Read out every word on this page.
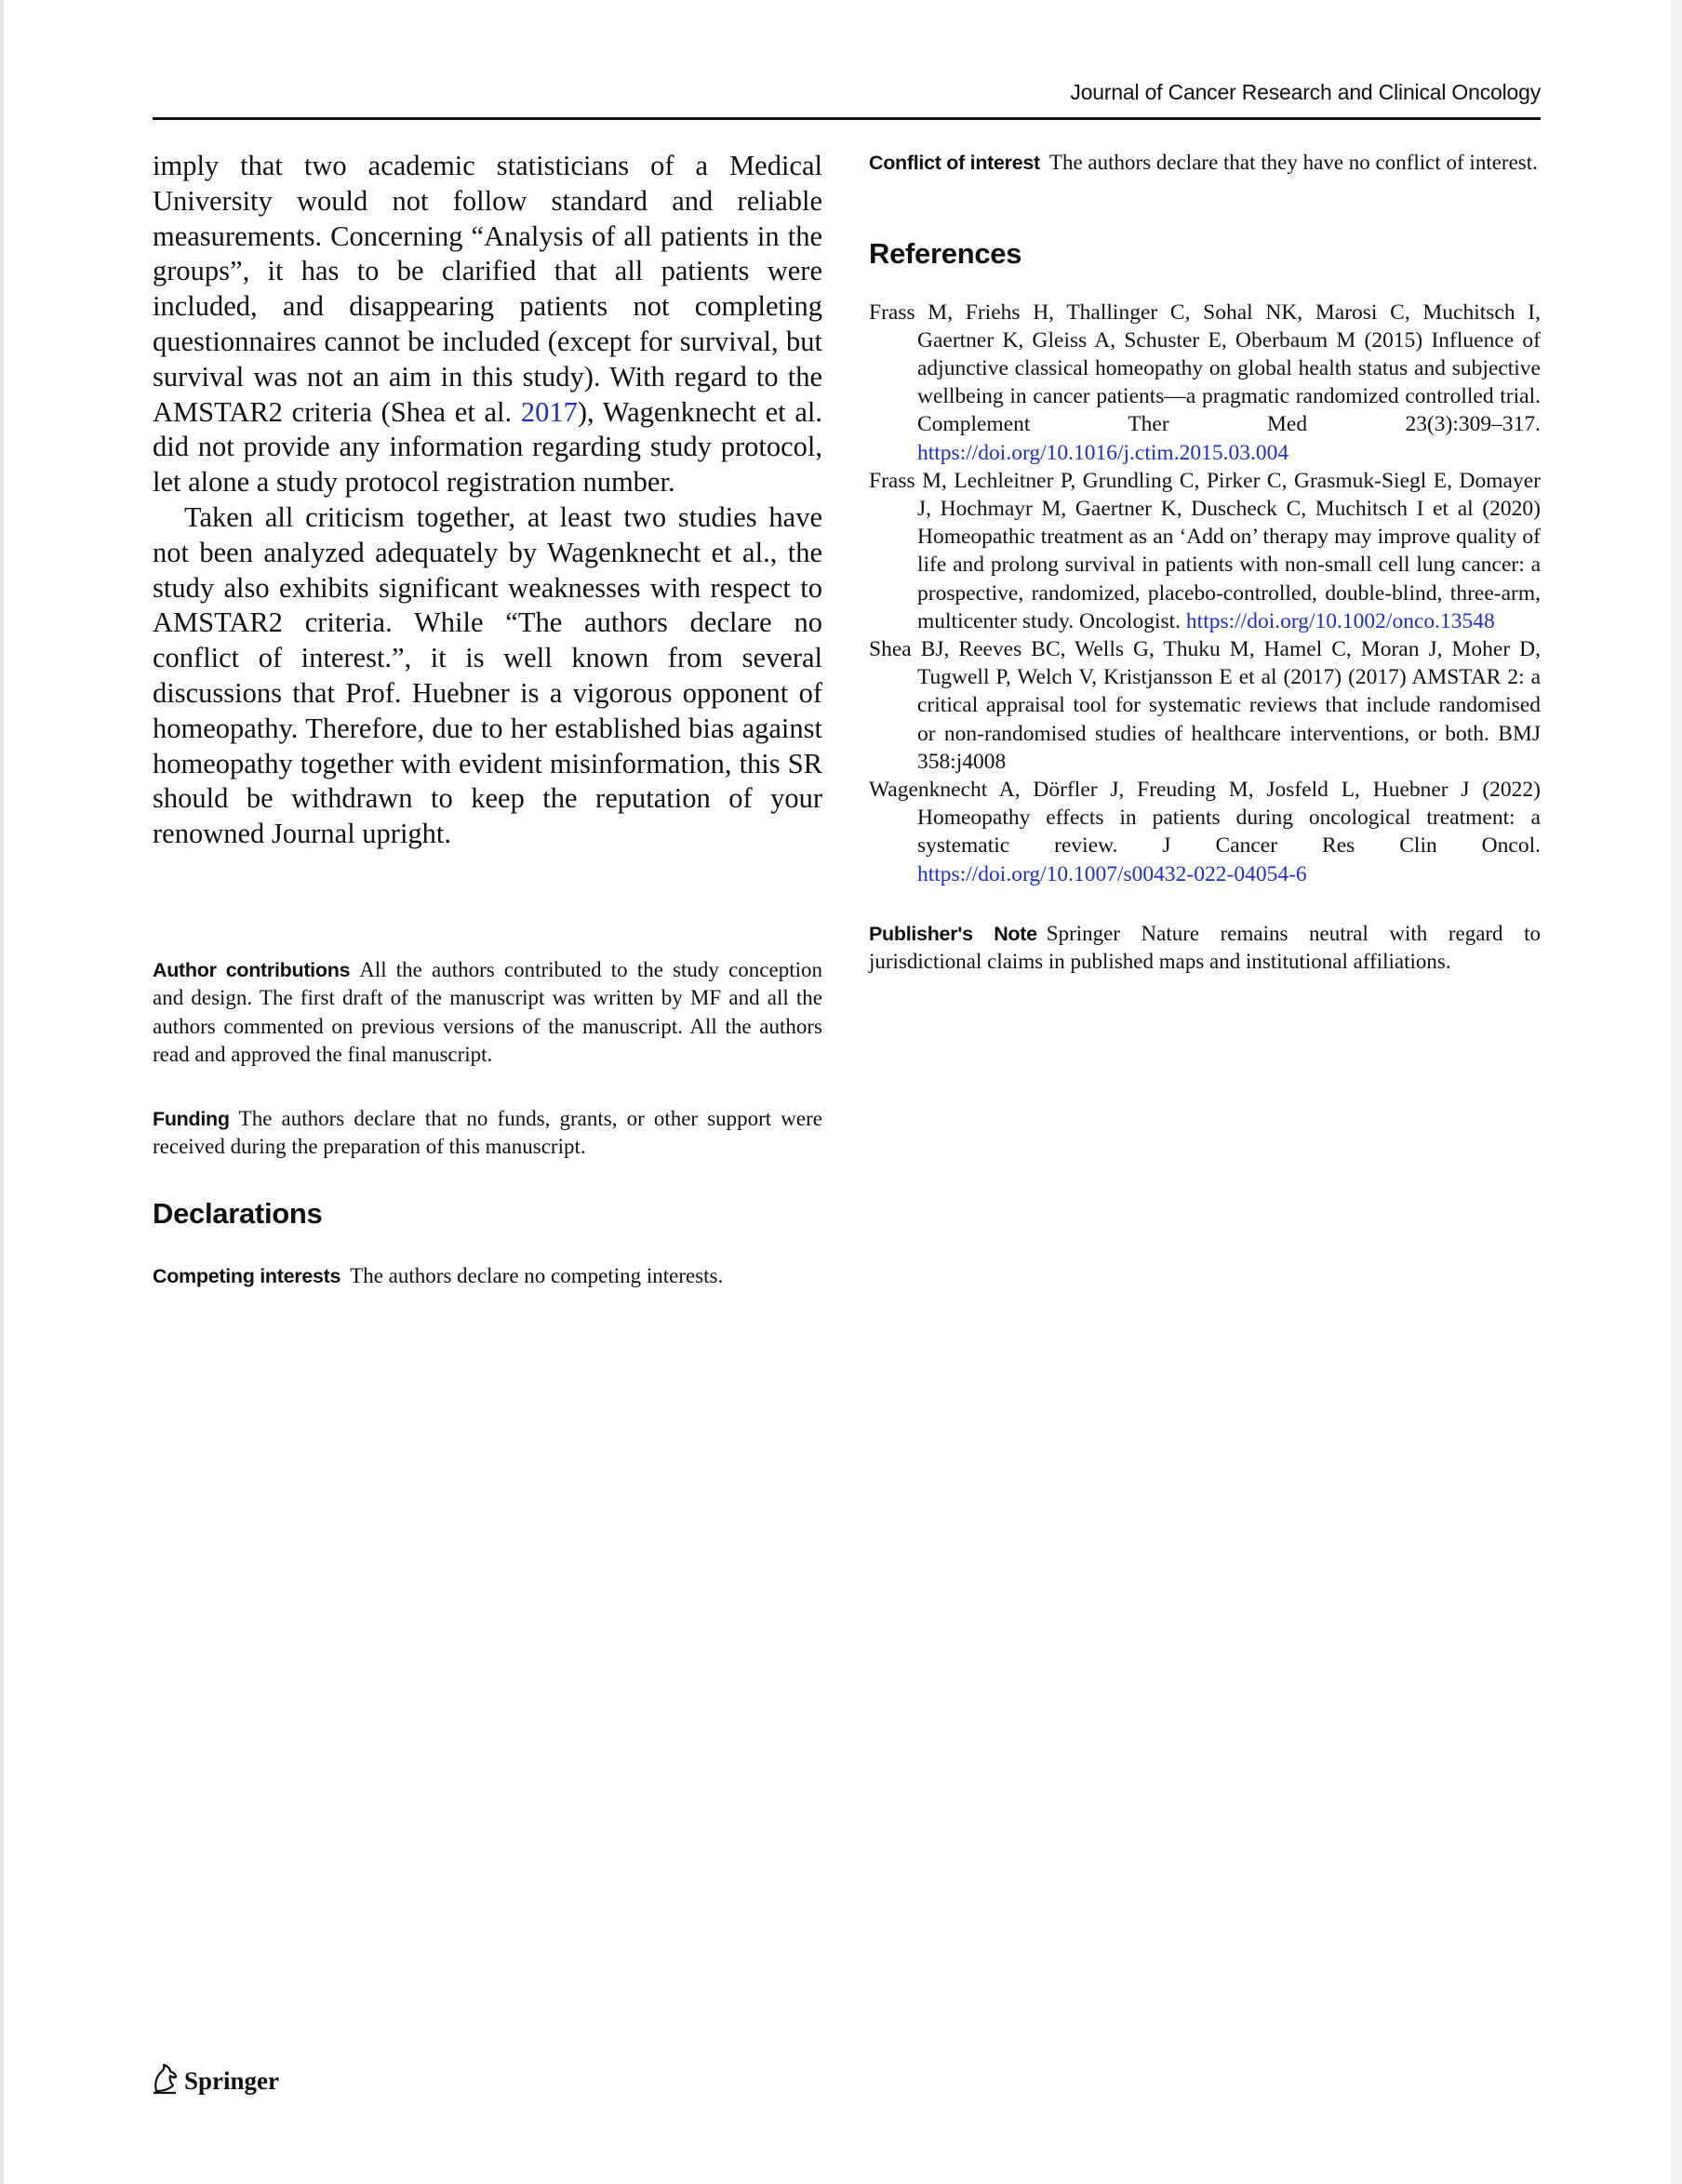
Journal of Cancer Research and Clinical Oncology

imply that two academic statisticians of a Medical University would not follow standard and reliable measurements. Concerning “Analysis of all patients in the groups”, it has to be clarified that all patients were included, and disappearing patients not completing questionnaires cannot be included (except for survival, but survival was not an aim in this study). With regard to the AMSTAR2 criteria (Shea et al. 2017), Wagenknecht et al. did not provide any information regarding study protocol, let alone a study protocol registration number.

Taken all criticism together, at least two studies have not been analyzed adequately by Wagenknecht et al., the study also exhibits significant weaknesses with respect to AMSTAR2 criteria. While “The authors declare no conflict of interest.”, it is well known from several discussions that Prof. Huebner is a vigorous opponent of homeopathy. Therefore, due to her established bias against homeopathy together with evident misinformation, this SR should be withdrawn to keep the reputation of your renowned Journal upright.

Author contributions All the authors contributed to the study conception and design. The first draft of the manuscript was written by MF and all the authors commented on previous versions of the manuscript. All the authors read and approved the final manuscript.

Funding The authors declare that no funds, grants, or other support were received during the preparation of this manuscript.

Declarations

Competing interests The authors declare no competing interests.

Conflict of interest The authors declare that they have no conflict of interest.

References
Frass M, Friehs H, Thallinger C, Sohal NK, Marosi C, Muchitsch I, Gaertner K, Gleiss A, Schuster E, Oberbaum M (2015) Influence of adjunctive classical homeopathy on global health status and subjective wellbeing in cancer patients—a pragmatic randomized controlled trial. Complement Ther Med 23(3):309–317. https://doi.org/10.1016/j.ctim.2015.03.004
Frass M, Lechleitner P, Grundling C, Pirker C, Grasmuk-Siegl E, Domayer J, Hochmayr M, Gaertner K, Duscheck C, Muchitsch I et al (2020) Homeopathic treatment as an ‘Add on’ therapy may improve quality of life and prolong survival in patients with non-small cell lung cancer: a prospective, randomized, placebo-controlled, double-blind, three-arm, multicenter study. Oncologist. https://doi.org/10.1002/onco.13548
Shea BJ, Reeves BC, Wells G, Thuku M, Hamel C, Moran J, Moher D, Tugwell P, Welch V, Kristjansson E et al (2017) (2017) AMSTAR 2: a critical appraisal tool for systematic reviews that include randomised or non-randomised studies of healthcare interventions, or both. BMJ 358:j4008
Wagenknecht A, Dörfler J, Freuding M, Josfeld L, Huebner J (2022) Homeopathy effects in patients during oncological treatment: a systematic review. J Cancer Res Clin Oncol. https://doi.org/10.1007/s00432-022-04054-6

Publisher's Note Springer Nature remains neutral with regard to jurisdictional claims in published maps and institutional affiliations.

Springer
